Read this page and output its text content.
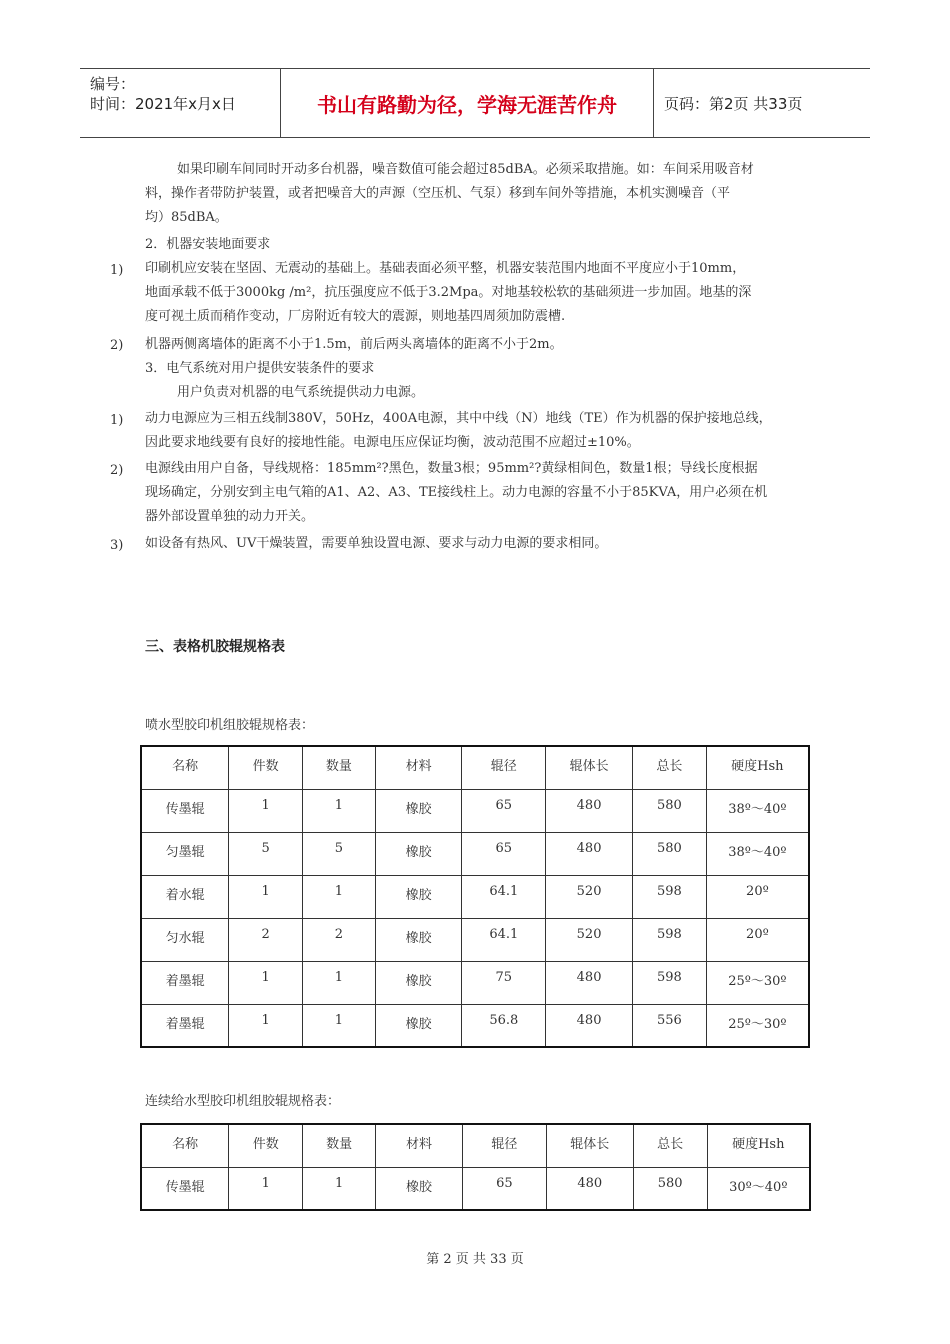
编号：
时间：2021年x月x日	书山有路勤为径，学海无涯苦作舟	页码：第2页 共33页
如果印刷车间同时开动多台机器，噪音数值可能会超过85dBA。必须采取措施。如：车间采用吸音材
料，操作者带防护装置，或者把噪音大的声源（空压机、气泵）移到车间外等措施，本机实测噪音（平
均）85dBA。
2．机器安装地面要求
1) 印刷机应安装在坚固、无震动的基础上。基础表面必须平整，机器安装范围内地面不平度应小于10mm，
地面承载不低于3000kg /m²，抗压强度应不低于3.2Mpa。对地基较松软的基础须进一步加固。地基的深
度可视土质而稍作变动，厂房附近有较大的震源，则地基四周须加防震槽.
2) 机器两侧离墙体的距离不小于1.5m，前后两头离墙体的距离不小于2m。
3．电气系统对用户提供安装条件的要求
用户负责对机器的电气系统提供动力电源。
1) 动力电源应为三相五线制380V，50Hz，400A电源，其中中线（N）地线（TE）作为机器的保护接地总线，
因此要求地线要有良好的接地性能。电源电压应保证均衡，波动范围不应超过±10%。
2) 电源线由用户自备，导线规格：185mm²?黑色，数量3根；95mm²?黄绿相间色，数量1根；导线长度根据
现场确定，分别安到主电气箱的A1、A2、A3、TE接线柱上。动力电源的容量不小于85KVA，用户必须在机
器外部设置单独的动力开关。
3) 如设备有热风、UV干燥装置，需要单独设置电源、要求与动力电源的要求相同。
三、表格机胶辊规格表
喷水型胶印机组胶辊规格表：
名称	件数	数量	材料	辊径	辊体长	总长	硬度Hsh
传墨辊	1	1	橡胶	65	480	580	38º～40º
匀墨辊	5	5	橡胶	65	480	580	38º～40º
着水辊	1	1	橡胶	64.1	520	598	20º
匀水辊	2	2	橡胶	64.1	520	598	20º
着墨辊	1	1	橡胶	75	480	598	25º～30º
着墨辊	1	1	橡胶	56.8	480	556	25º～30º
连续给水型胶印机组胶辊规格表：
名称	件数	数量	材料	辊径	辊体长	总长	硬度Hsh
传墨辊	1	1	橡胶	65	480	580	30º～40º
第 2 页 共 33 页
